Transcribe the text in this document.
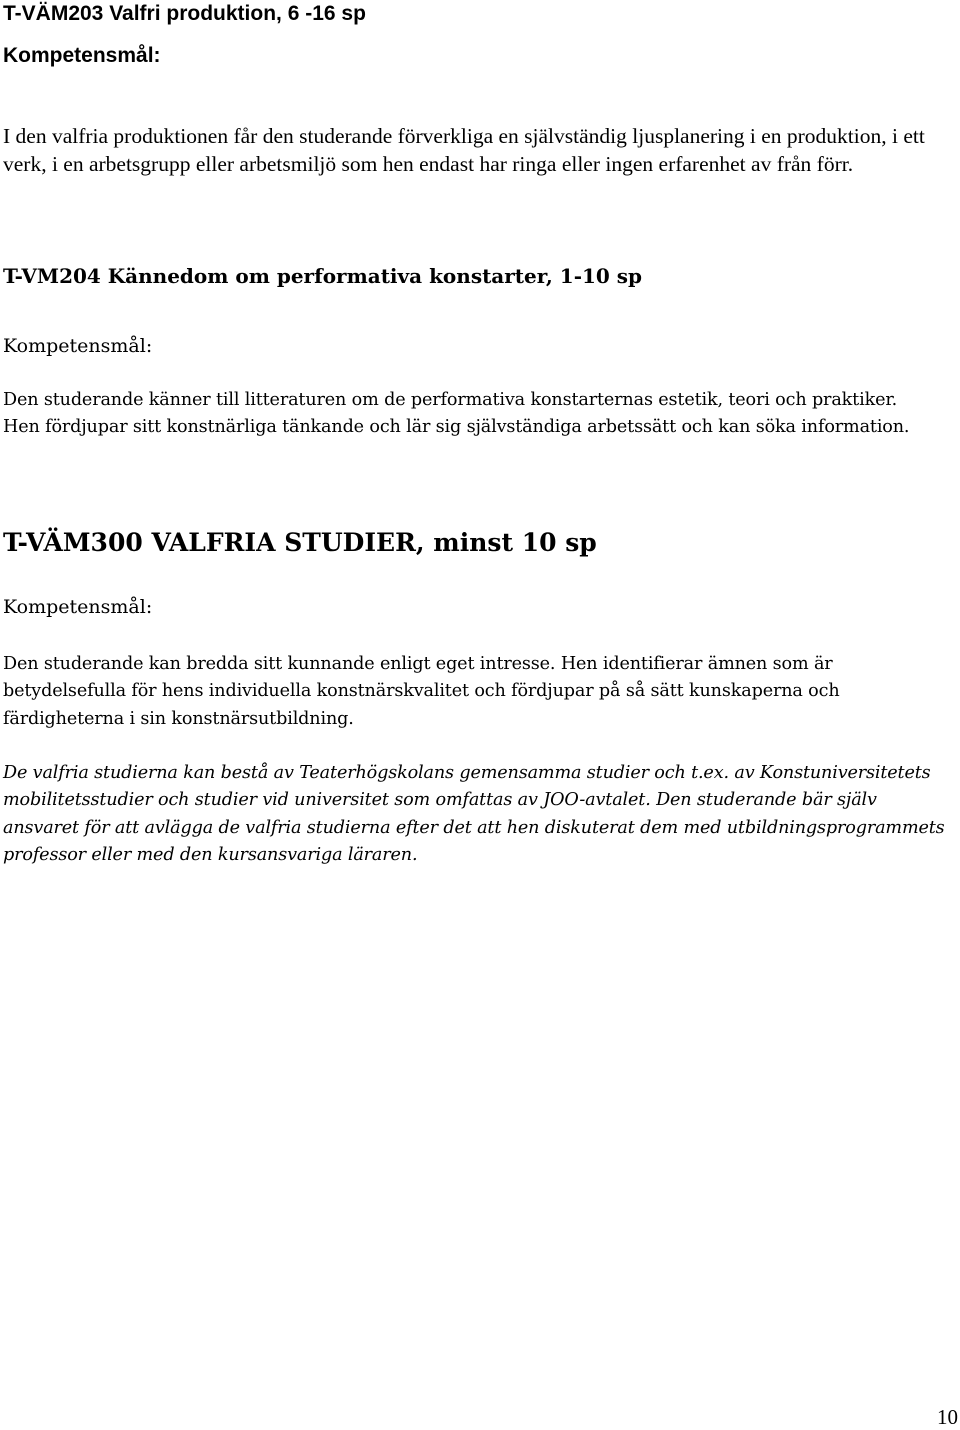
T-VÄM203 Valfri produktion, 6 -16 sp
Kompetensmål:

I den valfria produktionen får den studerande förverkliga en självständig ljusplanering i en produktion, i ett verk, i en arbetsgrupp eller arbetsmiljö som hen endast har ringa eller ingen erfarenhet av från förr.

T-VM204 Kännedom om performativa konstarter, 1-10 sp
Kompetensmål:

Den studerande känner till litteraturen om de performativa konstarternas estetik, teori och praktiker. Hen fördjupar sitt konstnärliga tänkande och lär sig självständiga arbetssätt och kan söka information.

T-VÄM300 VALFRIA STUDIER, minst 10 sp
Kompetensmål:

Den studerande kan bredda sitt kunnande enligt eget intresse. Hen identifierar ämnen som är betydelsefulla för hens individuella konstnärskvalitet och fördjupar på så sätt kunskaperna och färdigheterna i sin konstnärsutbildning.

De valfria studierna kan bestå av Teaterhögskolans gemensamma studier och t.ex. av Konstuniversitetets mobilitetsstudier och studier vid universitet som omfattas av JOO-avtalet. Den studerande bär själv ansvaret för att avlägga de valfria studierna efter det att hen diskuterat dem med utbildningsprogrammets professor eller med den kursansvariga läraren.

10
